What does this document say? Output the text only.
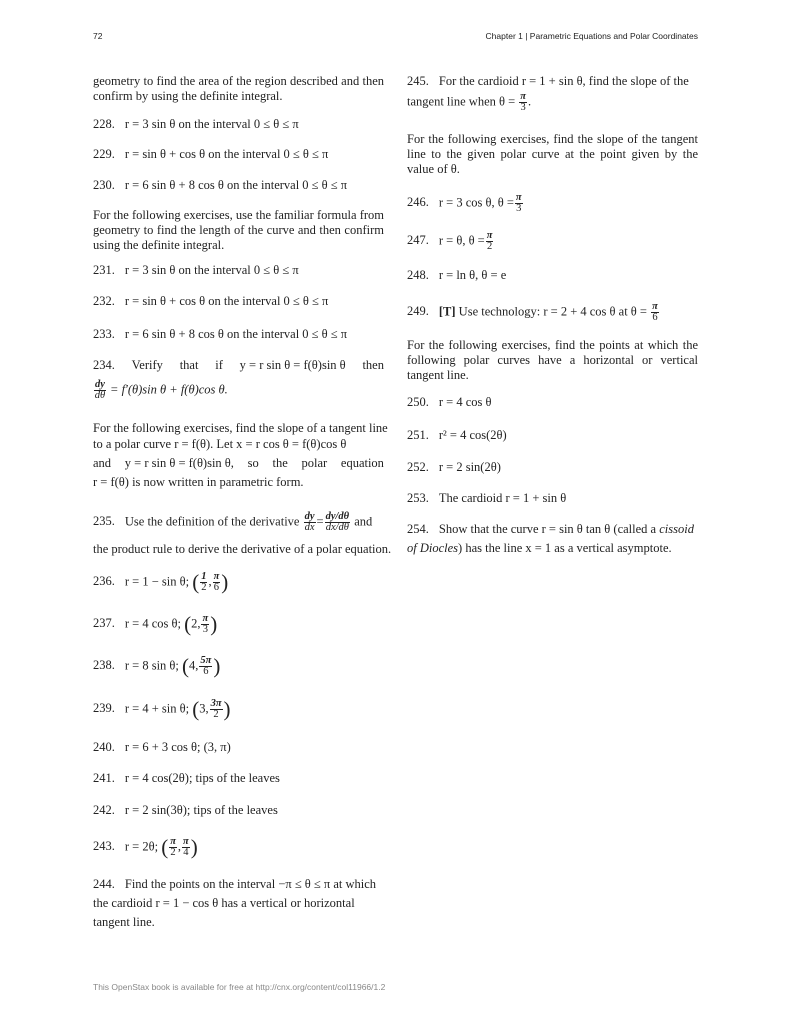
72	Chapter 1 | Parametric Equations and Polar Coordinates
geometry to find the area of the region described and then confirm by using the definite integral.
228. r = 3 sin θ on the interval 0 ≤ θ ≤ π
229. r = sin θ + cos θ on the interval 0 ≤ θ ≤ π
230. r = 6 sin θ + 8 cos θ on the interval 0 ≤ θ ≤ π
For the following exercises, use the familiar formula from geometry to find the length of the curve and then confirm using the definite integral.
231. r = 3 sin θ on the interval 0 ≤ θ ≤ π
232. r = sin θ + cos θ on the interval 0 ≤ θ ≤ π
233. r = 6 sin θ + 8 cos θ on the interval 0 ≤ θ ≤ π
234. Verify that if y = r sin θ = f(θ)sin θ then
$\frac{dy}{d\theta} = f'(\theta)\sin$ θ + f(θ)cos θ.
For the following exercises, find the slope of a tangent line
to a polar curve r = f(θ). Let x = r cos θ = f(θ)cos θ
and y = r sin θ = f(θ)sin θ, so the polar equation
r = f(θ) is now written in parametric form.
235. Use the definition of the derivative $\frac{dy}{dx} = \frac{dy/d\theta}{dx/d\theta}$ and
the product rule to derive the derivative of a polar equation.
236. r = 1 − sin θ; ( $\frac{1}{2}$ , $\frac{\pi}{6}$ )
237. r = 4 cos θ; (2, $\frac{\pi}{3}$ )
238. r = 8 sin θ; (4, $\frac{5\pi}{6}$ )
239. r = 4 + sin θ; (3, $\frac{3\pi}{2}$ )
240. r = 6 + 3 cos θ; (3, π)
241. r = 4 cos(2θ); tips of the leaves
242. r = 2 sin(3θ); tips of the leaves
243. r = 2θ; ( $\frac{\pi}{2}$ , $\frac{\pi}{4}$ )
244. Find the points on the interval −π ≤ θ ≤ π at which
the cardioid r = 1 − cos θ has a vertical or horizontal
tangent line.
245. For the cardioid r = 1 + sin θ, find the slope of the
tangent line when $\theta = \frac{\pi}{3}$ .
For the following exercises, find the slope of the tangent line to the given polar curve at the point given by the value of θ.
246. r = 3 cos θ, $\theta = \frac{\pi}{3}$
247. r = θ, $\theta = \frac{\pi}{2}$
248. r = ln θ, θ = e
249. [T] Use technology: r = 2 + 4 cos θ at $\theta = \frac{\pi}{6}$
For the following exercises, find the points at which the following polar curves have a horizontal or vertical tangent line.
250. r = 4 cos θ
251. r² = 4 cos(2θ)
252. r = 2 sin(2θ)
253. The cardioid r = 1 + sin θ
254. Show that the curve r = sin θ tan θ (called a cissoid
of Diocles) has the line x = 1 as a vertical asymptote.
This OpenStax book is available for free at http://cnx.org/content/col11966/1.2
